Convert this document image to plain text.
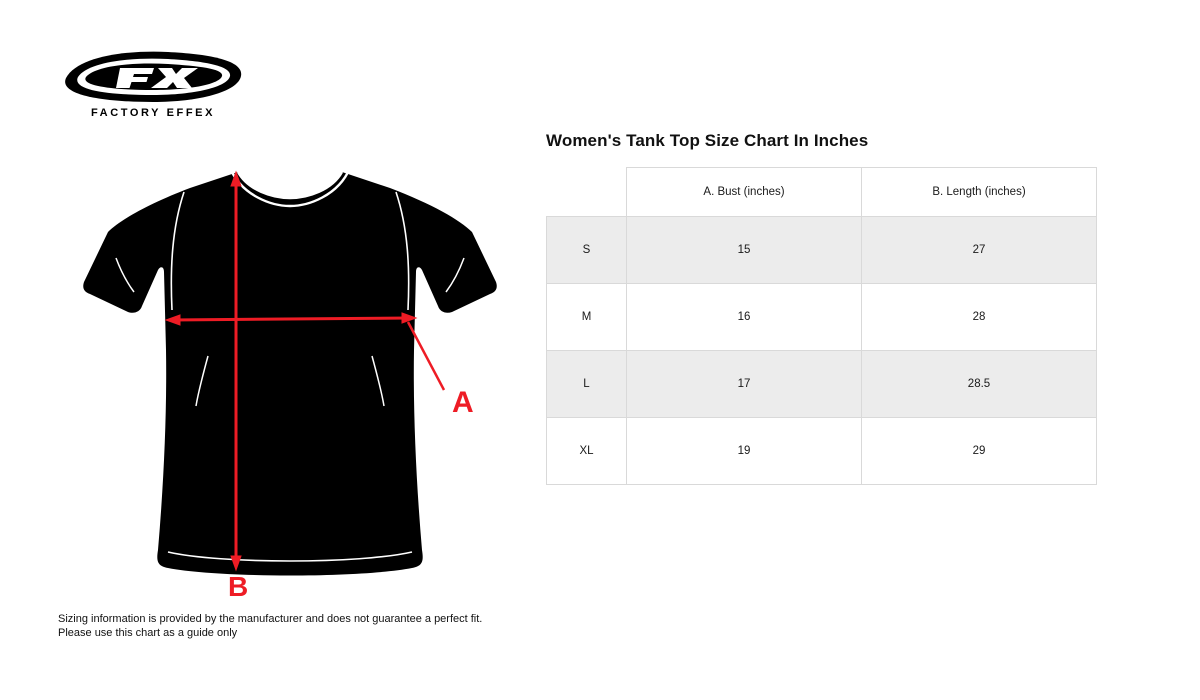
FACTORY EFFEX
A
B
Sizing information is provided by the manufacturer and does not guarantee a perfect fit.
Please use this chart as a guide only
Women's Tank Top Size Chart In Inches
	A. Bust (inches)	B. Length (inches)
S	15	27
M	16	28
L	17	28.5
XL	19	29
